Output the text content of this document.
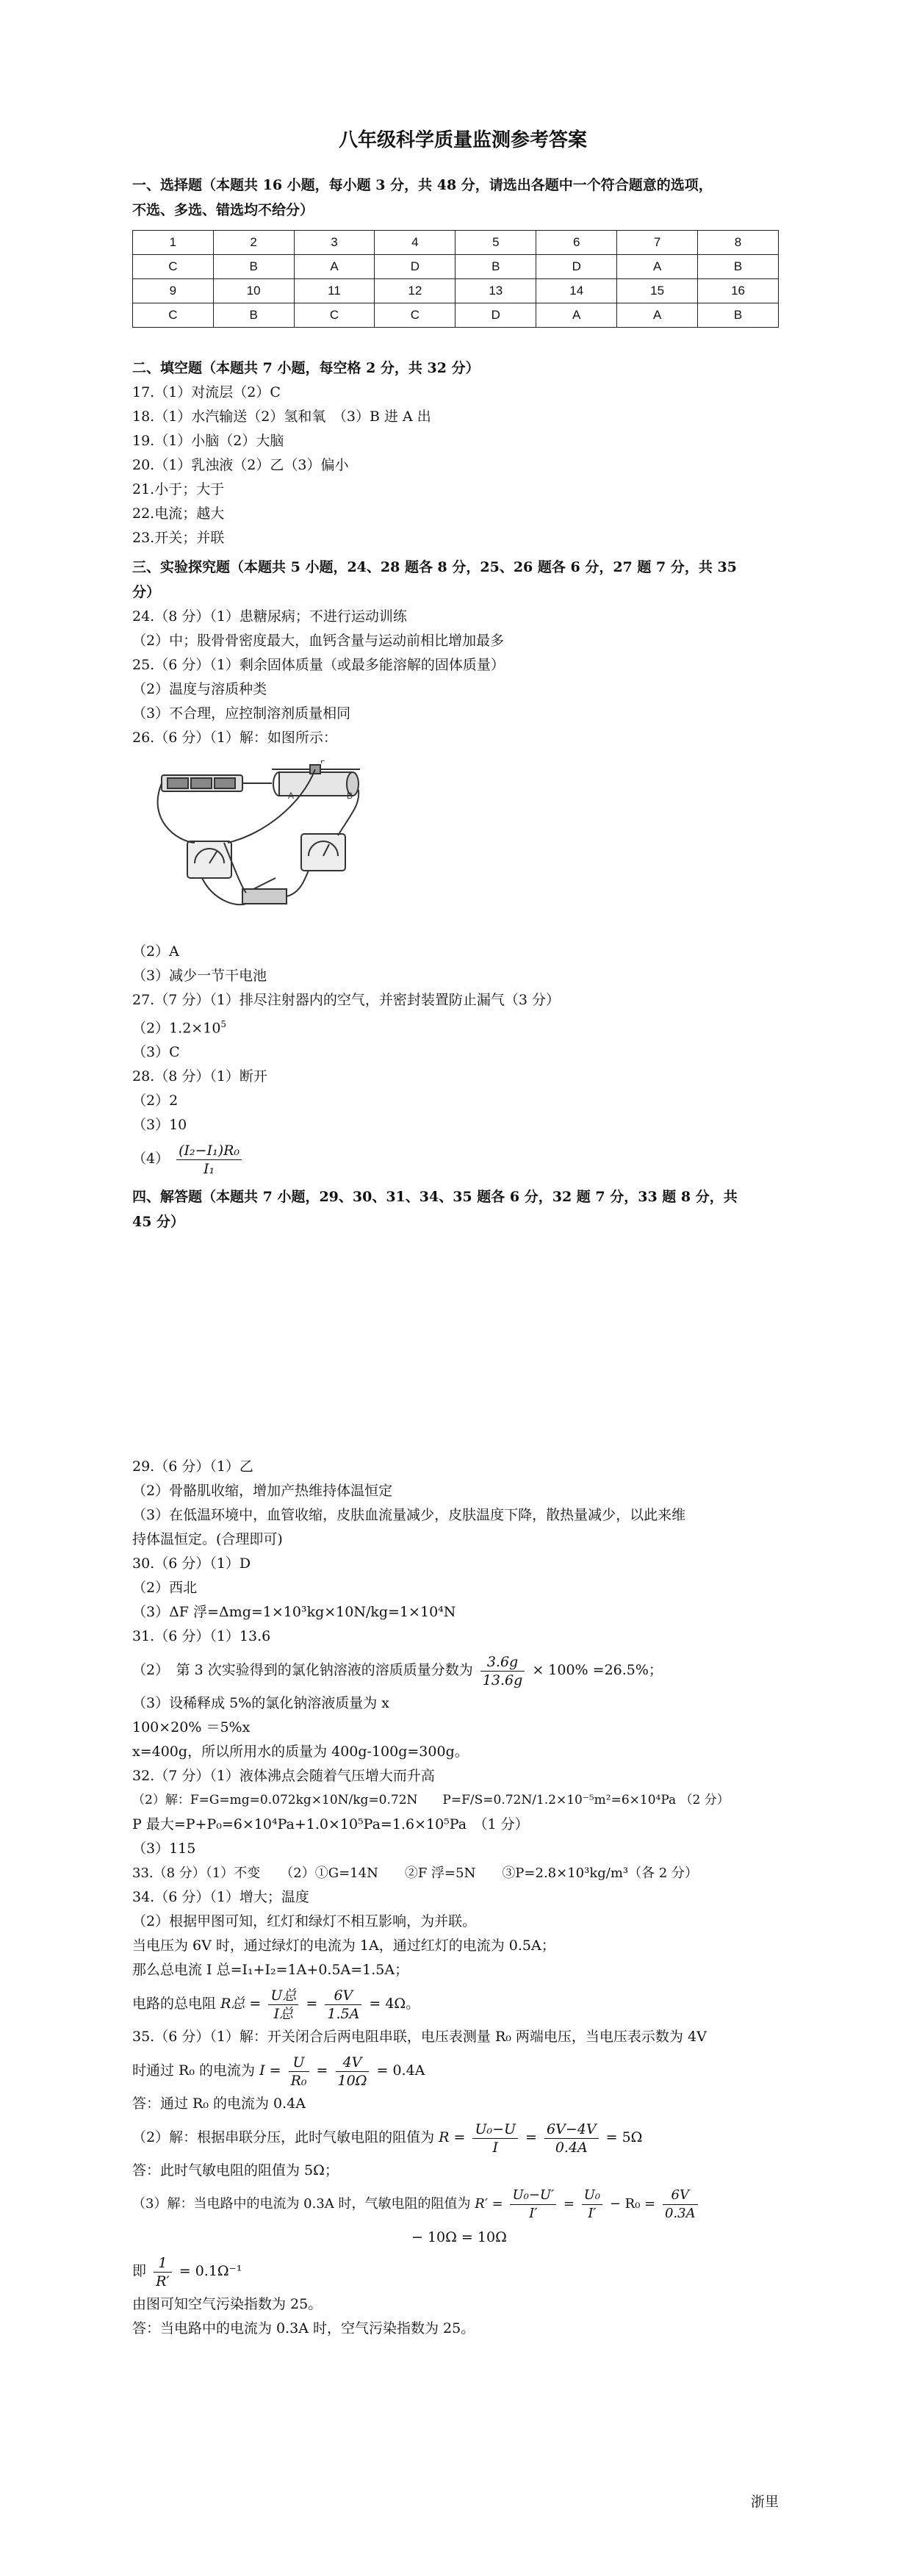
八年级科学质量监测参考答案
一、选择题（本题共 16 小题，每小题 3 分，共 48 分，请选出各题中一个符合题意的选项，
不选、多选、错选均不给分）
1	2	3	4	5	6	7	8
C	B	A	D	B	D	A	B
9	10	11	12	13	14	15	16
C	B	C	C	D	A	A	B
二、填空题（本题共 7 小题，每空格 2 分，共 32 分）
17.（1）对流层（2）C
18.（1）水汽输送（2）氢和氧　（3）B 进 A 出
19.（1）小脑（2）大脑
20.（1）乳浊液（2）乙（3）偏小
21.小于；大于
22.电流；越大
23.开关；并联
三、实验探究题（本题共 5 小题，24、28 题各 8 分，25、26 题各 6 分，27 题 7 分，共 35
分）
24.（8 分）（1）患糖尿病；不进行运动训练
（2）中；股骨骨密度最大，血钙含量与运动前相比增加最多
25.（6 分）（1）剩余固体质量（或最多能溶解的固体质量）
（2）温度与溶质种类
（3）不合理，应控制溶剂质量相同
26.（6 分）（1）解：如图所示：
A	B
P
（2）A
（3）减少一节干电池
27.（7 分）（1）排尽注射器内的空气，并密封装置防止漏气（3 分）
$(2)1.2\times 10^5$
（3）C
28.（8 分）（1）断开
（2）2
（3）10
$(4) \frac{\text{(I₂−I₁)R₀}}{\text{I₁}}$
四、解答题（本题共 7 小题，29、30、31、34、35 题各 6 分，32 题 7 分，33 题 8 分，共
45 分）
29.（6 分）（1）乙
（2）骨骼肌收缩，增加产热维持体温恒定
（3）在低温环境中，血管收缩，皮肤血流量减少，皮肤温度下降，散热量减少，以此来维
持体温恒定。(合理即可)
30.（6 分）（1）D
（2）西北
（3）ΔF 浮=Δmg=1×10³kg×10N/kg=1×10⁴N
31.（6 分）（1）13.6
（2）　第 3 次实验得到的氯化钠溶液的溶质质量分数为 $\frac{3.6g}{13.6g} \times 100\% =26.5\%$；
（3）设稀释成 5%的氯化钠溶液质量为 x
100×20% ＝5%x
x=400g，所以所用水的质量为 400g-100g=300g。
32.（7 分）（1）液体沸点会随着气压增大而升高
（2）解：F=G=mg=0.072kg×10N/kg=0.72N　　P=F/S=0.72N/1.2×10⁻⁵m²=6×10⁴Pa （2 分）
P 最大=P+P₀=6×10⁴Pa+1.0×10⁵Pa=1.6×10⁵Pa　（1 分）
（3）115
33.（8 分）（1）不变　　（2）①G=14N　　②F 浮=5N　　③P=2.8×10³kg/m³（各 2 分）
34.（6 分）（1）增大；温度
（2）根据甲图可知，红灯和绿灯不相互影响，为并联。
当电压为 6V 时，通过绿灯的电流为 1A，通过红灯的电流为 0.5A；
那么总电流 I 总=I₁+I₂=1A+0.5A=1.5A；
电路的总电阻 R总 = $\frac{\text{U总}}{\text{I总}} = \frac{6V}{1.5A} = 4\Omega$。
35.（6 分）（1）解：开关闭合后两电阻串联，电压表测量 R₀ 两端电压，当电压表示数为 4V
时通过 R₀ 的电流为 $I = \frac{U}{\text{R₀}} = \frac{4V}{10\Omega} = 0.4A$
答：通过 R₀ 的电流为 0.4A
（2）解：根据串联分压，此时气敏电阻的阻值为 $R = \frac{\text{U₀−U}}{I} = \frac{6V-4V}{0.4A} = 5\Omega$
答：此时气敏电阻的阻值为 5Ω；
（3）解：当电路中的电流为 0.3A 时，气敏电阻的阻值为 $R' = \frac{\text{U₀−U′}}{I'} = \frac{\text{U₀}}{I'} - R_0 = \frac{6V}{0.3A}$
− 10Ω = 10Ω
即 $\frac{1}{R'} = 0.1\Omega^{-1}$
由图可知空气污染指数为 25。
答：当电路中的电流为 0.3A 时，空气污染指数为 25。
浙里
